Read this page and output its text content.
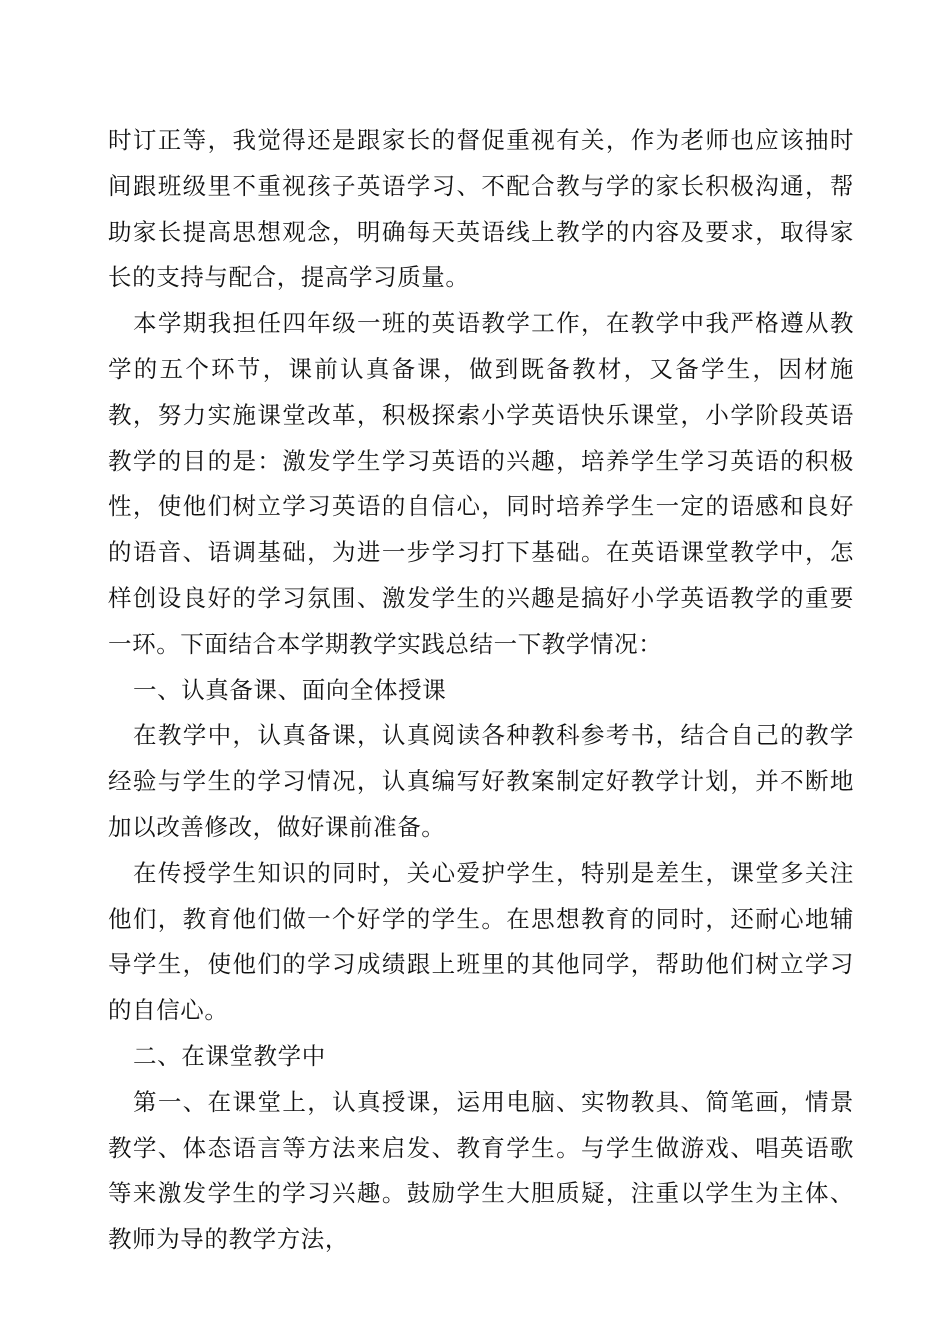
时订正等，我觉得还是跟家长的督促重视有关，作为老师也应该抽时间跟班级里不重视孩子英语学习、不配合教与学的家长积极沟通，帮助家长提高思想观念，明确每天英语线上教学的内容及要求，取得家长的支持与配合，提高学习质量。

本学期我担任四年级一班的英语教学工作，在教学中我严格遵从教学的五个环节，课前认真备课，做到既备教材，又备学生，因材施教，努力实施课堂改革，积极探索小学英语快乐课堂，小学阶段英语教学的目的是：激发学生学习英语的兴趣，培养学生学习英语的积极性，使他们树立学习英语的自信心，同时培养学生一定的语感和良好的语音、语调基础，为进一步学习打下基础。在英语课堂教学中，怎样创设良好的学习氛围、激发学生的兴趣是搞好小学英语教学的重要一环。下面结合本学期教学实践总结一下教学情况：

一、认真备课、面向全体授课

在教学中，认真备课，认真阅读各种教科参考书，结合自己的教学经验与学生的学习情况，认真编写好教案制定好教学计划，并不断地加以改善修改，做好课前准备。

在传授学生知识的同时，关心爱护学生，特别是差生，课堂多关注他们，教育他们做一个好学的学生。在思想教育的同时，还耐心地辅导学生，使他们的学习成绩跟上班里的其他同学，帮助他们树立学习的自信心。

二、在课堂教学中

第一、在课堂上，认真授课，运用电脑、实物教具、简笔画，情景教学、体态语言等方法来启发、教育学生。与学生做游戏、唱英语歌等来激发学生的学习兴趣。鼓励学生大胆质疑，注重以学生为主体、教师为导的教学方法，
